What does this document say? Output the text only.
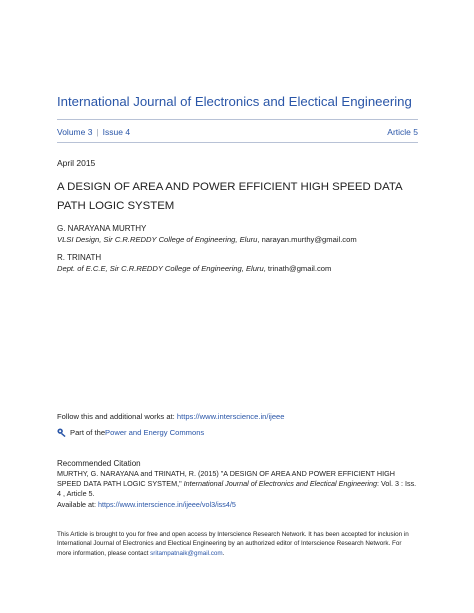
International Journal of Electronics and Electical Engineering
Volume 3 | Issue 4	Article 5
April 2015
A DESIGN OF AREA AND POWER EFFICIENT HIGH SPEED DATA PATH LOGIC SYSTEM
G. NARAYANA MURTHY
VLSI Design, Sir C.R.REDDY College of Engineering, Eluru, narayan.murthy@gmail.com
R. TRINATH
Dept. of E.C.E, Sir C.R.REDDY College of Engineering, Eluru, trinath@gmail.com
Follow this and additional works at: https://www.interscience.in/ijeee
Part of the Power and Energy Commons
Recommended Citation
MURTHY, G. NARAYANA and TRINATH, R. (2015) "A DESIGN OF AREA AND POWER EFFICIENT HIGH SPEED DATA PATH LOGIC SYSTEM," International Journal of Electronics and Electical Engineering: Vol. 3 : Iss. 4 , Article 5.
Available at: https://www.interscience.in/ijeee/vol3/iss4/5
This Article is brought to you for free and open access by Interscience Research Network. It has been accepted for inclusion in International Journal of Electronics and Electical Engineering by an authorized editor of Interscience Research Network. For more information, please contact sritampatnaik@gmail.com.
